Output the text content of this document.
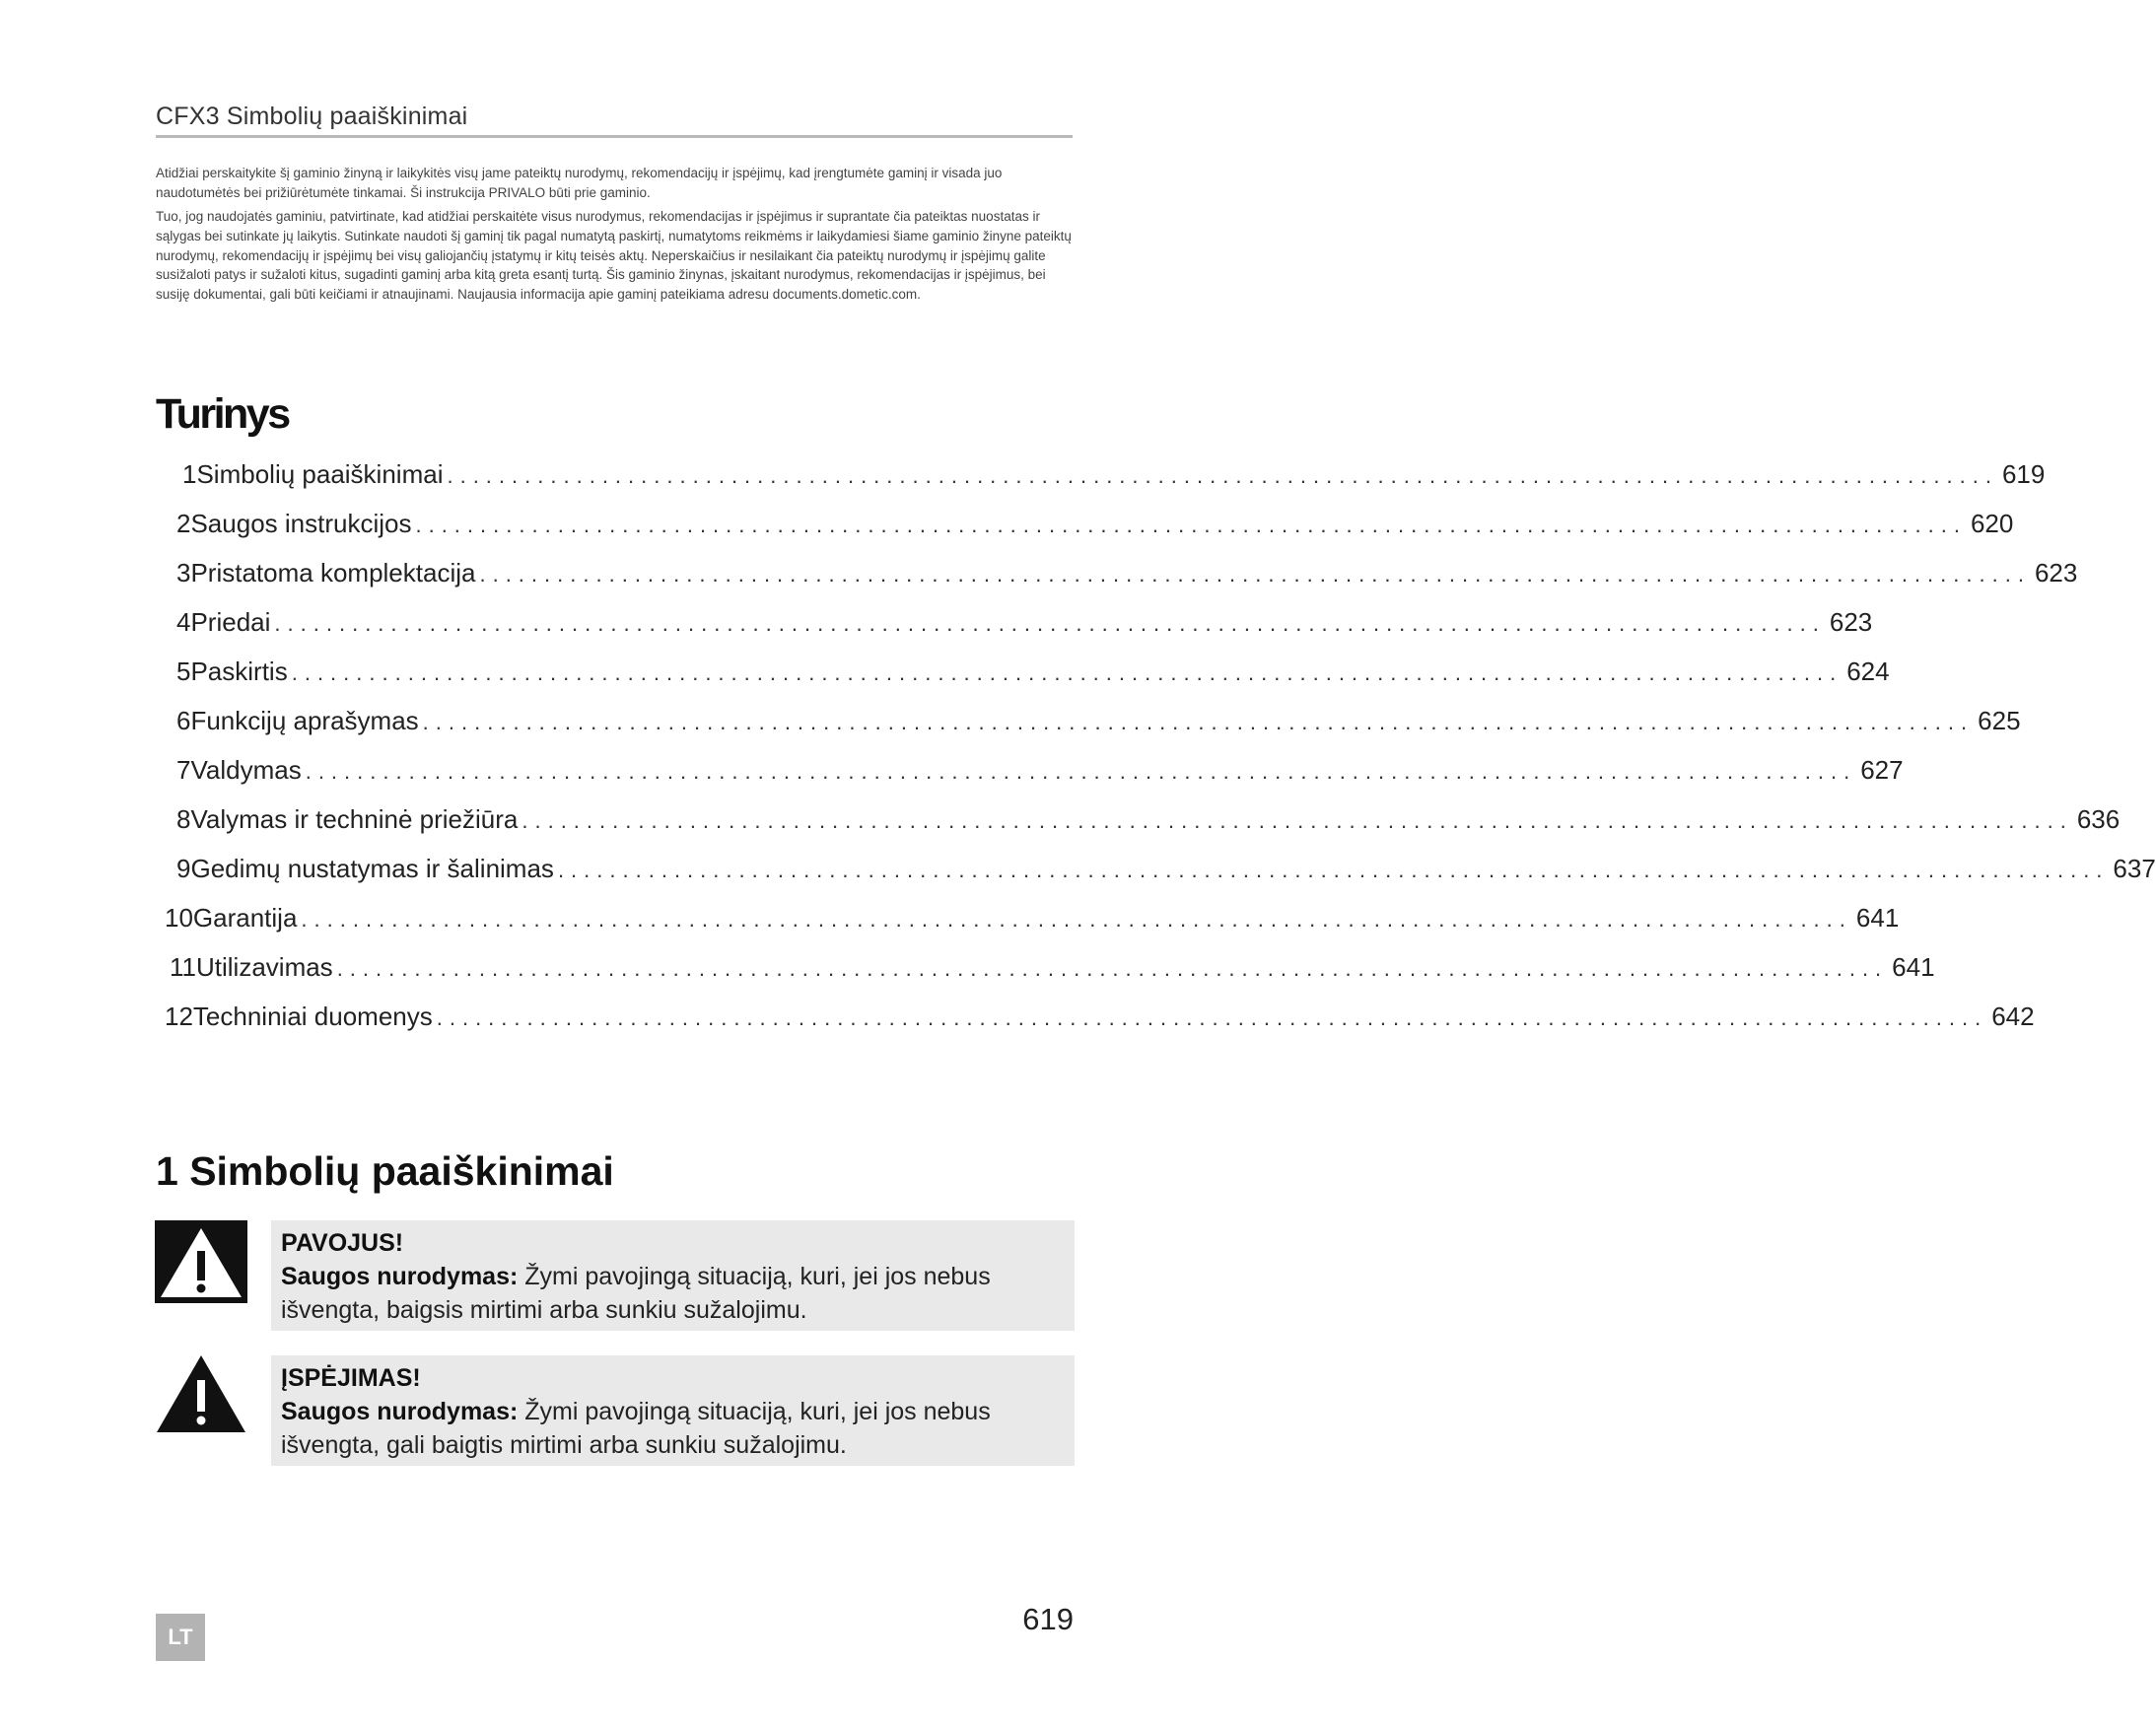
CFX3 Simbolių paaiškinimai

Atidžiai perskaitykite šį gaminio žinyną ir laikykitės visų jame pateiktų nurodymų, rekomendacijų ir įspėjimų, kad įrengtumėte gaminį ir visada juo naudotumėtės bei prižiūrėtumėte tinkamai. Ši instrukcija PRIVALO būti prie gaminio.

Tuo, jog naudojatės gaminiu, patvirtinate, kad atidžiai perskaitėte visus nurodymus, rekomendacijas ir įspėjimus ir suprantate čia pateiktas nuostatas ir sąlygas bei sutinkate jų laikytis. Sutinkate naudoti šį gaminį tik pagal numatytą paskirtį, numatytoms reikmėms ir laikydamiesi šiame gaminio žinyne pateiktų nurodymų, rekomendacijų ir įspėjimų bei visų galiojančių įstatymų ir kitų teisės aktų. Neperskaičius ir nesilaikant čia pateiktų nurodymų ir įspėjimų galite susižaloti patys ir sužaloti kitus, sugadinti gaminį arba kitą greta esantį turtą. Šis gaminio žinynas, įskaitant nurodymus, rekomendacijas ir įspėjimus, bei susiję dokumentai, gali būti keičiami ir atnaujinami. Naujausia informacija apie gaminį pateikiama adresu documents.dometic.com.

Turinys
1 Simbolių paaiškinimai ........................................................................................................................ 619
2 Saugos instrukcijos ........................................................................................................................ 620
3 Pristatoma komplektacija ........................................................................................................................ 623
4 Priedai ........................................................................................................................ 623
5 Paskirtis ........................................................................................................................ 624
6 Funkcijų aprašymas ........................................................................................................................ 625
7 Valdymas ........................................................................................................................ 627
8 Valymas ir techninė priežiūra ........................................................................................................................ 636
9 Gedimų nustatymas ir šalinimas ........................................................................................................................ 637
10 Garantija ........................................................................................................................ 641
11 Utilizavimas ........................................................................................................................ 641
12 Techniniai duomenys ........................................................................................................................ 642
1 Simbolių paaiškinimai
PAVOJUS!
Saugos nurodymas: Žymi pavojingą situaciją, kuri, jei jos nebus išvengta, baigsis mirtimi arba sunkiu sužalojimu.
ĮSPĖJIMAS!
Saugos nurodymas: Žymi pavojingą situaciją, kuri, jei jos nebus išvengta, gali baigtis mirtimi arba sunkiu sužalojimu.
LT
619
